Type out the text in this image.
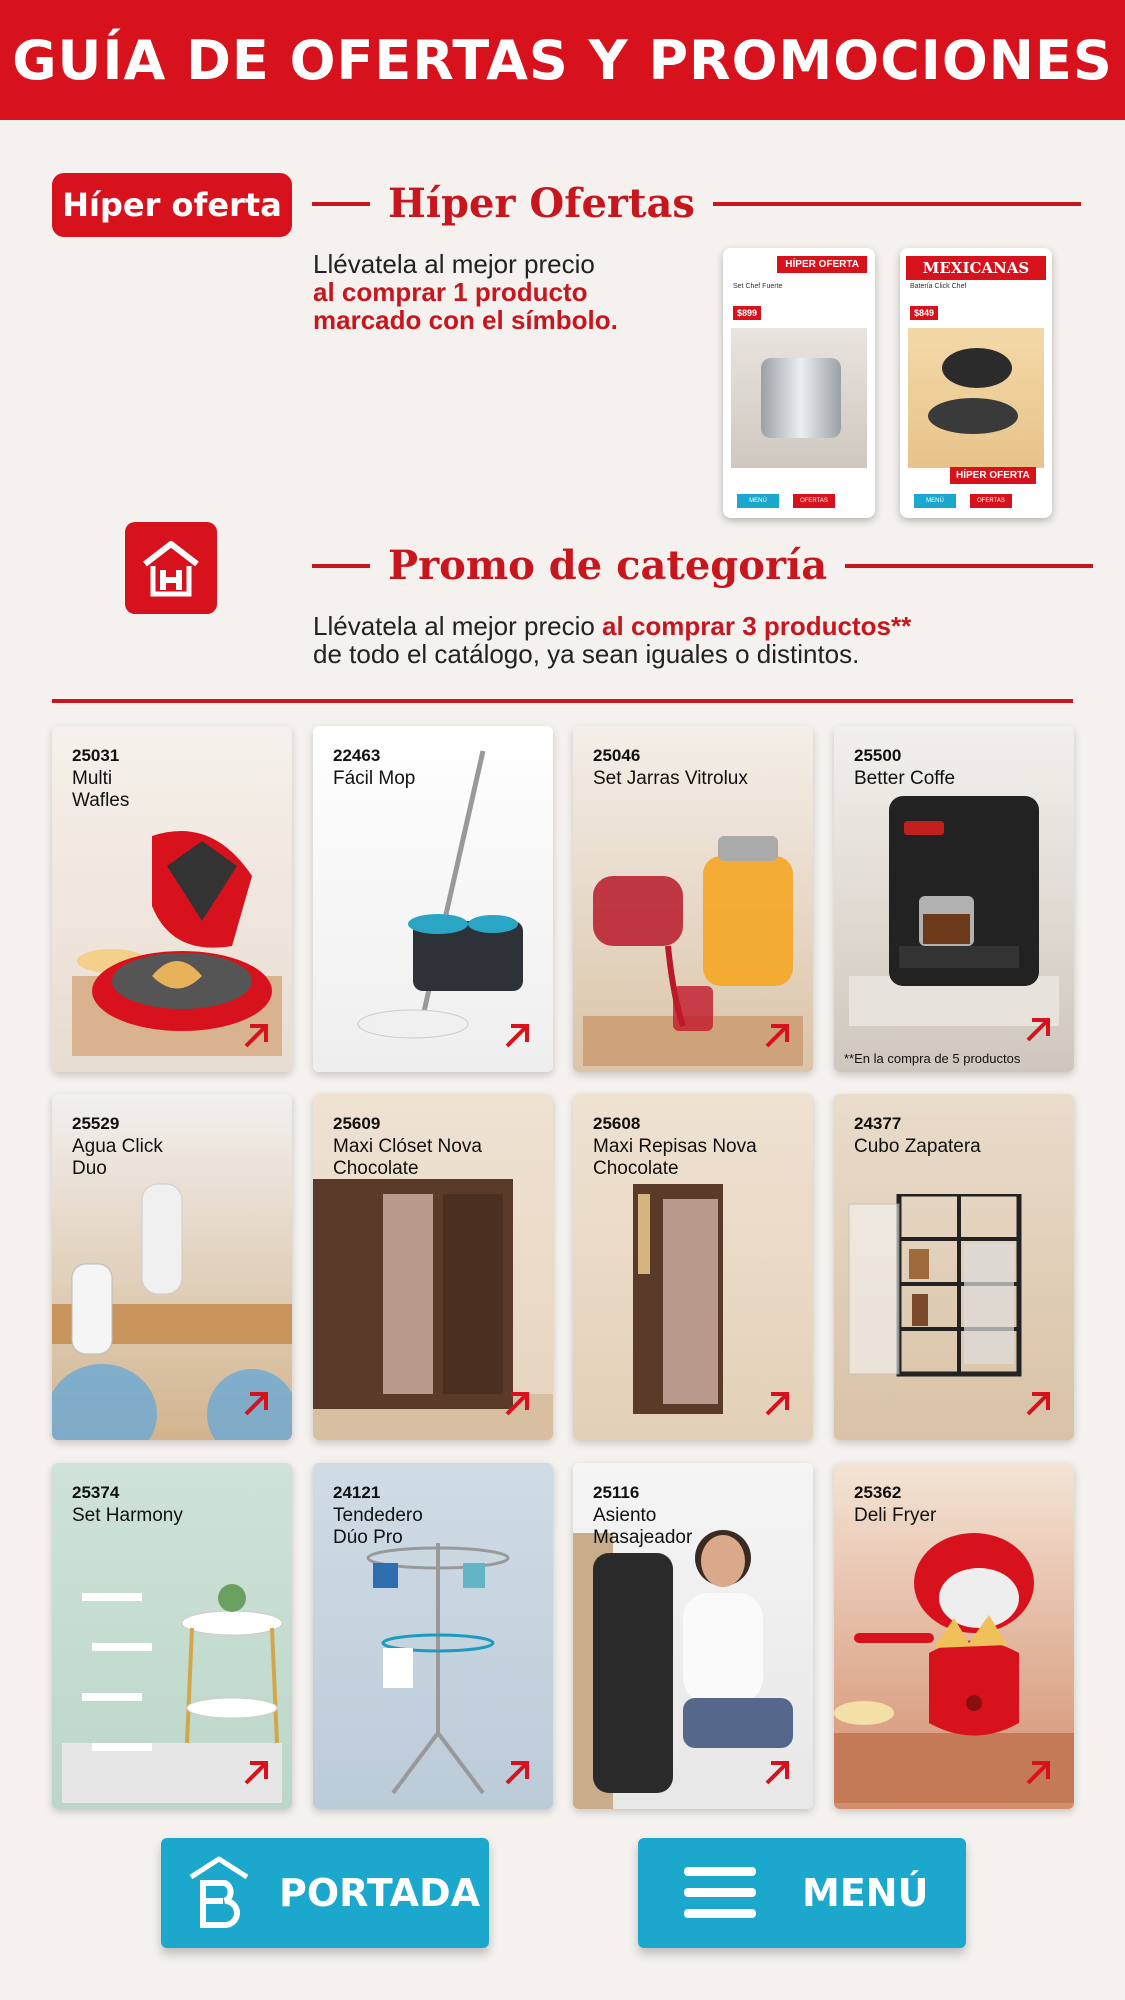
GUÍA DE OFERTAS Y PROMOCIONES
Híper oferta	Híper Ofertas
Llévatela al mejor precio
al comprar 1 producto
marcado con el símbolo.
HÍPER OFERTA
Set Chef Fuerte
$899
MENÚ	OFERTAS
MEXICANAS
Batería Click Chef
$849
HÍPER OFERTA
MENÚ	OFERTAS
Promo de categoría
Llévatela al mejor precio al comprar 3 productos**
de todo el catálogo, ya sean iguales o distintos.
25031
Multi
Wafles
22463
Fácil Mop
25046
Set Jarras Vitrolux
25500
Better Coffe
**En la compra de 5 productos
25529
Agua Click
Duo
25609
Maxi Clóset Nova
Chocolate
25608
Maxi Repisas Nova
Chocolate
24377
Cubo Zapatera
25374
Set Harmony
24121
Tendedero
Dúo Pro
25116
Asiento
Masajeador
25362
Deli Fryer
PORTADA	MENÚ
